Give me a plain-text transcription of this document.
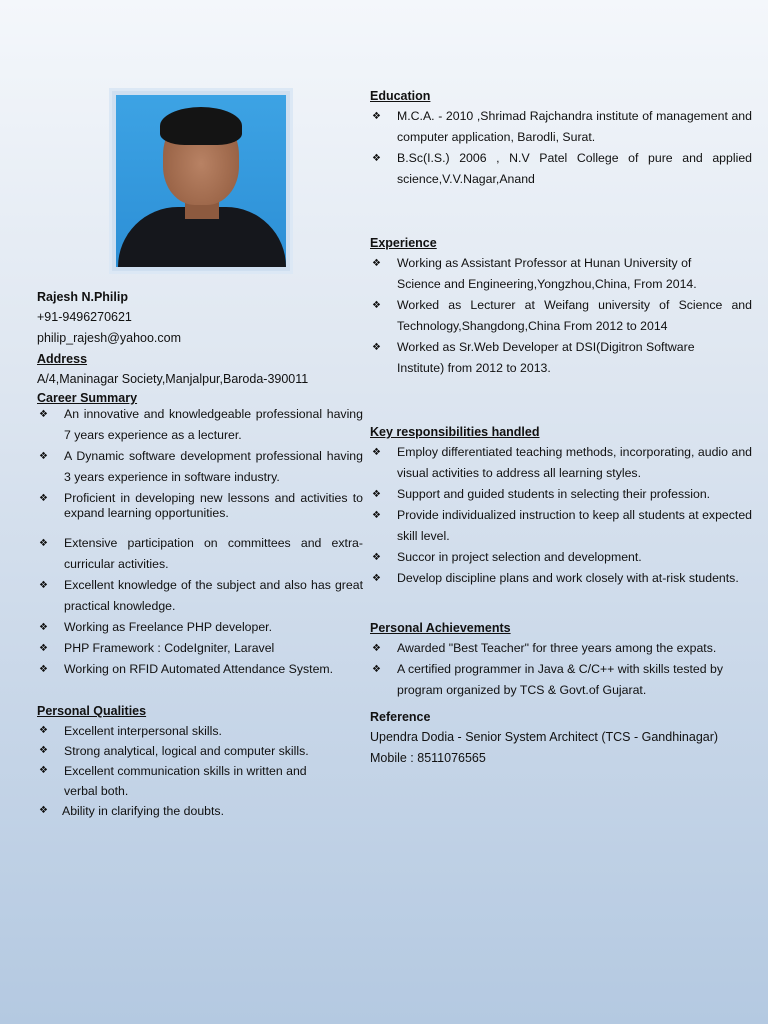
Rajesh N.Philip
+91-9496270621
philip_rajesh@yahoo.com
Address
A/4,Maninagar Society,Manjalpur,Baroda-390011
Career Summary
❖ An innovative and knowledgeable professional having 7 years experience as a lecturer.
❖ A Dynamic software development professional having 3 years experience in software industry.
❖ Proficient in developing new lessons and activities to expand learning opportunities.
❖ Extensive participation on committees and extra-curricular activities.
❖ Excellent knowledge of the subject and also has great practical knowledge.
❖ Working as Freelance PHP developer.
❖ PHP Framework : CodeIgniter, Laravel
❖ Working on RFID Automated Attendance System.
Personal Qualities
❖ Excellent interpersonal skills.
❖ Strong analytical, logical and computer skills.
❖ Excellent communication skills in written and verbal both.
❖ Ability in clarifying the doubts.
Education
❖ M.C.A. - 2010 ,Shrimad Rajchandra institute of management and computer application, Barodli, Surat.
❖ B.Sc(I.S.) 2006 , N.V Patel College of pure and applied science,V.V.Nagar,Anand
Experience
❖ Working as Assistant Professor at Hunan University of Science and Engineering,Yongzhou,China, From 2014.
❖ Worked as Lecturer at Weifang university of Science and Technology,Shangdong,China From 2012 to 2014
❖ Worked as Sr.Web Developer at DSI(Digitron Software Institute) from 2012 to 2013.
Key responsibilities handled
❖ Employ differentiated teaching methods, incorporating, audio and visual activities to address all learning styles.
❖ Support and guided students in selecting their profession.
❖ Provide individualized instruction to keep all students at expected skill level.
❖ Succor in project selection and development.
❖ Develop discipline plans and work closely with at-risk students.
Personal Achievements
❖ Awarded "Best Teacher" for three years among the expats.
❖ A certified programmer in Java & C/C++ with skills tested by program organized by TCS & Govt.of Gujarat.
Reference
Upendra Dodia - Senior System Architect (TCS - Gandhinagar)
Mobile : 8511076565
